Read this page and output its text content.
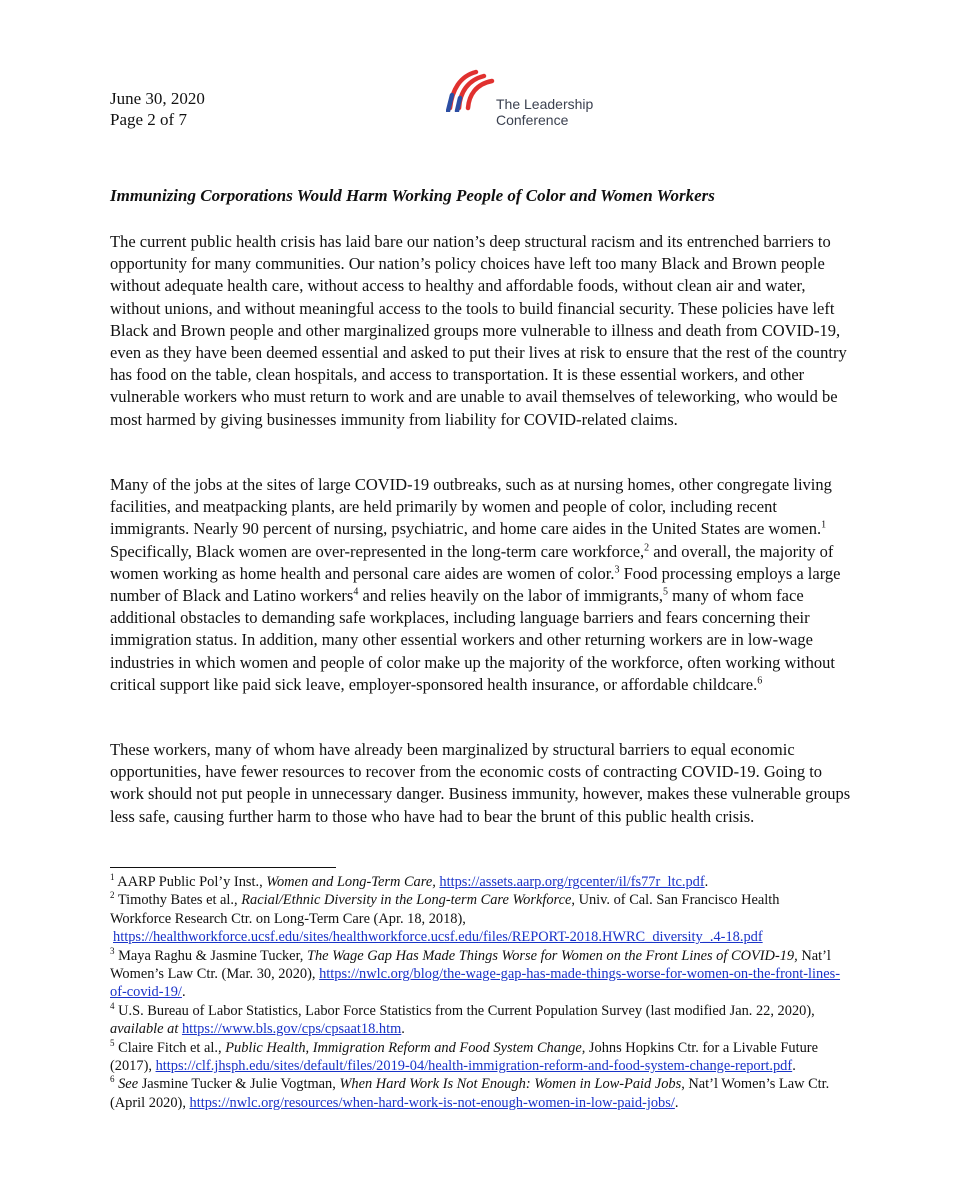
June 30, 2020
Page 2 of 7
The Leadership
Conference
Immunizing Corporations Would Harm Working People of Color and Women Workers

The current public health crisis has laid bare our nation’s deep structural racism and its entrenched barriers to opportunity for many communities. Our nation’s policy choices have left too many Black and Brown people without adequate health care, without access to healthy and affordable foods, without clean air and water, without unions, and without meaningful access to the tools to build financial security. These policies have left Black and Brown people and other marginalized groups more vulnerable to illness and death from COVID-19, even as they have been deemed essential and asked to put their lives at risk to ensure that the rest of the country has food on the table, clean hospitals, and access to transportation. It is these essential workers, and other vulnerable workers who must return to work and are unable to avail themselves of teleworking, who would be most harmed by giving businesses immunity from liability for COVID-related claims.

Many of the jobs at the sites of large COVID-19 outbreaks, such as at nursing homes, other congregate living facilities, and meatpacking plants, are held primarily by women and people of color, including recent immigrants. Nearly 90 percent of nursing, psychiatric, and home care aides in the United States are women.$^1$ Specifically, Black women are over-represented in the long-term care workforce,$^2$ and overall, the majority of women working as home health and personal care aides are women of color.$^3$ Food processing employs a large number of Black and Latino workers$^4$ and relies heavily on the labor of immigrants,$^5$ many of whom face additional obstacles to demanding safe workplaces, including language barriers and fears concerning their immigration status. In addition, many other essential workers and other returning workers are in low-wage industries in which women and people of color make up the majority of the workforce, often working without critical support like paid sick leave, employer-sponsored health insurance, or affordable childcare.$^6$

These workers, many of whom have already been marginalized by structural barriers to equal economic opportunities, have fewer resources to recover from the economic costs of contracting COVID-19. Going to work should not put people in unnecessary danger. Business immunity, however, makes these vulnerable groups less safe, causing further harm to those who have had to bear the brunt of this public health crisis.

$^1$ AARP Public Pol’y Inst., Women and Long-Term Care, https://assets.aarp.org/rgcenter/il/fs77r_ltc.pdf.

$^2$ Timothy Bates et al., Racial/Ethnic Diversity in the Long-term Care Workforce, Univ. of Cal. San Francisco Health Workforce Research Ctr. on Long-Term Care (Apr. 18, 2018),
https://healthworkforce.ucsf.edu/sites/healthworkforce.ucsf.edu/files/REPORT-2018.HWRC_diversity_.4-18.pdf

$^3$ Maya Raghu & Jasmine Tucker, The Wage Gap Has Made Things Worse for Women on the Front Lines of COVID-19, Nat’l Women’s Law Ctr. (Mar. 30, 2020), https://nwlc.org/blog/the-wage-gap-has-made-things-worse-for-women-on-the-front-lines-of-covid-19/.

$^4$ U.S. Bureau of Labor Statistics, Labor Force Statistics from the Current Population Survey (last modified Jan. 22, 2020), available at https://www.bls.gov/cps/cpsaat18.htm.

$^5$ Claire Fitch et al., Public Health, Immigration Reform and Food System Change, Johns Hopkins Ctr. for a Livable Future (2017), https://clf.jhsph.edu/sites/default/files/2019-04/health-immigration-reform-and-food-system-change-report.pdf.

$^6$ See Jasmine Tucker & Julie Vogtman, When Hard Work Is Not Enough: Women in Low-Paid Jobs, Nat’l Women’s Law Ctr. (April 2020), https://nwlc.org/resources/when-hard-work-is-not-enough-women-in-low-paid-jobs/.
